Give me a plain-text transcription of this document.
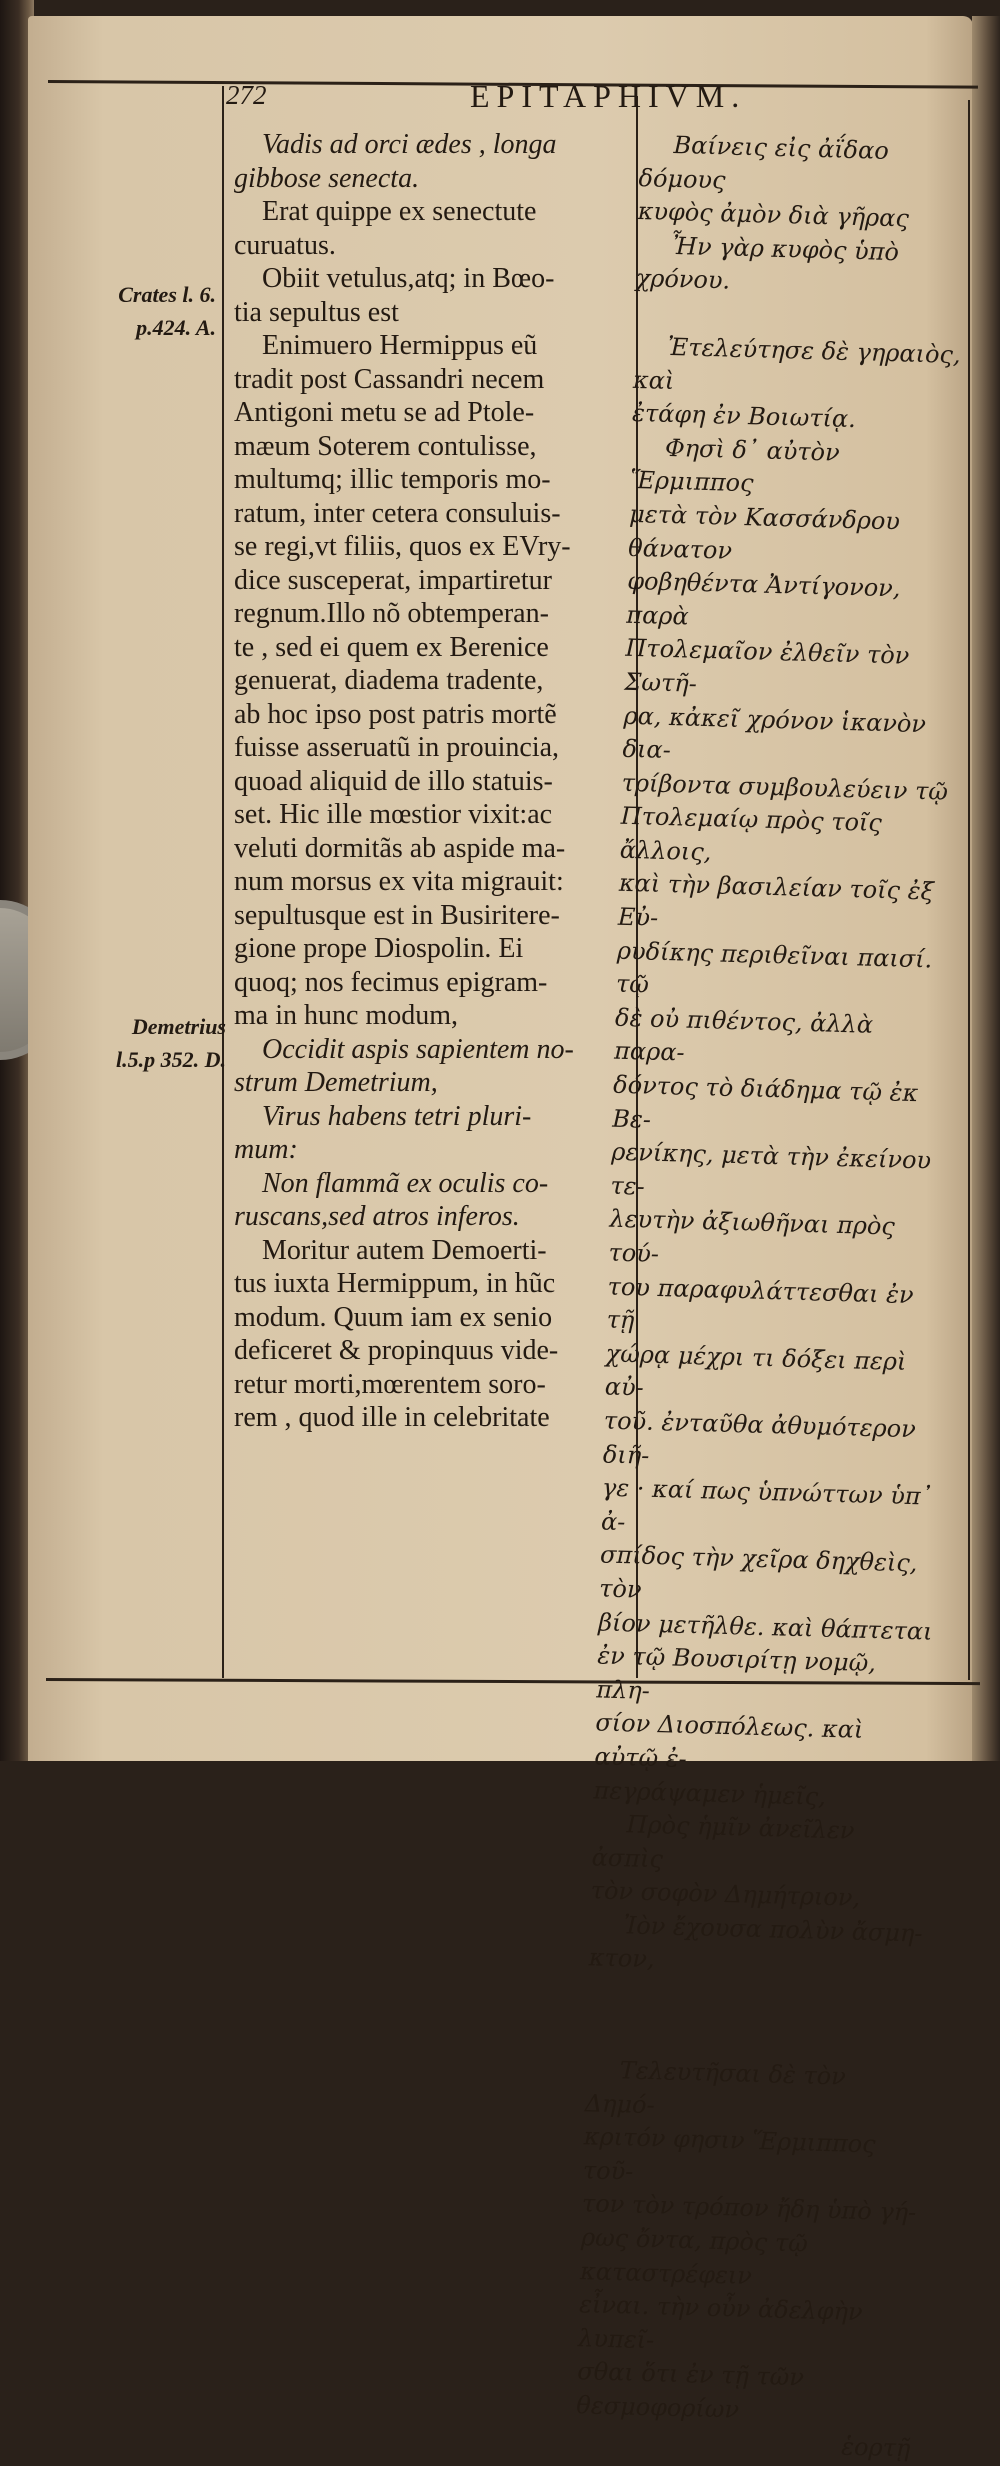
272	EPITAPHIVM.
Crates l. 6.
p.424. A.
Demetrius
l.5.p 352. D.

Vadis ad orci ædes , longa

gibbose senecta.

Erat quippe ex senectute

curuatus.

Obiit vetulus,atq; in Bœo-

tia sepultus est

Enimuero Hermippus eũ

tradit post Cassandri necem

Antigoni metu se ad Ptole-

mæum Soterem contulisse,

multumq; illic temporis mo-

ratum, inter cetera consuluis-

se regi,vt filiis, quos ex EVry-

dice susceperat, impartiretur

regnum.Illo nõ obtemperan-

te , sed ei quem ex Berenice

genuerat, diadema tradente,

ab hoc ipso post patris mortẽ

fuisse asseruatũ in prouincia,

quoad aliquid de illo statuis-

set. Hic ille mœstior vixit:ac

veluti dormitãs ab aspide ma-

num morsus ex vita migrauit:

sepultusque est in Busiritere-

gione prope Diospolin. Ei

quoq; nos fecimus epigram-

ma in hunc modum,

Occidit aspis sapientem no-

strum Demetrium,

Virus habens tetri pluri-

mum:

Non flammã ex oculis co-

ruscans,sed atros inferos.

Moritur autem Demoerti-

tus iuxta Hermippum, in hũc

modum. Quum iam ex senio

deficeret & propinquus vide-

retur morti,mœrentem soro-

rem , quod ille in celebritate

Βαίνεις εἰς ἀΐδαο δόμους

κυφὸς ἀμὸν διὰ γῆρας

Ἦν γὰρ κυφὸς ὑπὸ χρόνου.

Ἐτελεύτησε δὲ γηραιὸς, καὶ

ἐτάφη ἐν Βοιωτίᾳ.

Φησὶ δ᾽ αὐτὸν Ἕρμιππος

μετὰ τὸν Κασσάνδρου θάνατον

φοβηθέντα Ἀντίγονον, παρὰ

Πτολεμαῖον ἐλθεῖν τὸν Σωτῆ-

ρα, κἀκεῖ χρόνον ἱκανὸν δια-

τρίβοντα συμβουλεύειν τῷ

Πτολεμαίῳ πρὸς τοῖς ἄλλοις,

καὶ τὴν βασιλείαν τοῖς ἐξ Εὐ-

ρυδίκης περιθεῖναι παισί. τῷ

δὲ οὐ πιθέντος, ἀλλὰ παρα-

δόντος τὸ διάδημα τῷ ἐκ Βε-

ρενίκης, μετὰ τὴν ἐκείνου τε-

λευτὴν ἀξιωθῆναι πρὸς τού-

του παραφυλάττεσθαι ἐν τῇ

χώρᾳ μέχρι τι δόξει περὶ αὐ-

τοῦ. ἐνταῦθα ἀθυμότερον διῆ-

γε · καί πως ὑπνώττων ὑπ᾽ ἀ-

σπίδος τὴν χεῖρα δηχθεὶς, τὸν

βίον μετῆλθε. καὶ θάπτεται

ἐν τῷ Βουσιρίτῃ νομῷ, πλη-

σίον Διοσπόλεως. καὶ αὐτῷ ἐ-

πεγράψαμεν ἡμεῖς,

Πρὸς ἡμῖν ἀνεῖλεν ἀσπὶς

τὸν σοφὸν Δημήτριον,

Ἰὸν ἔχουσα πολὺν ἄσμη-

κτον,

Τελευτῆσαι δὲ τὸν Δημό-

κριτόν φησιν Ἕρμιππος τοῦ-

τον τὸν τρόπον ἤδη ὑπὸ γή-

ρως ὄντα, πρὸς τῷ καταστρέφειν

εἶναι. τὴν οὖν ἀδελφὴν λυπεῖ-

σθαι ὅτι ἐν τῇ τῶν θεσμοφορίων

ἑορτῇ
